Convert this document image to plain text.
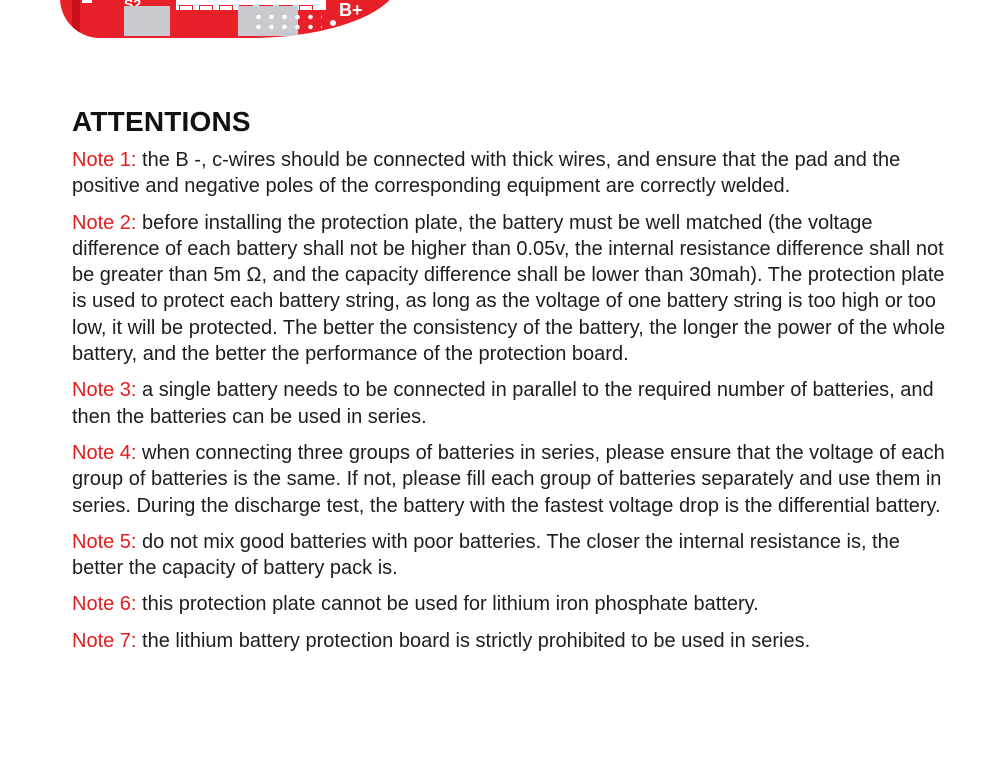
B+
ATTENTIONS

Note 1: the B -, c-wires should be connected with thick wires, and ensure that the pad and the positive and negative poles of the corresponding equipment are correctly welded.

Note 2: before installing the protection plate, the battery must be well matched (the voltage difference of each battery shall not be higher than 0.05v, the internal resistance difference shall not be greater than 5m Ω, and the capacity difference shall be lower than 30mah). The protection plate is used to protect each battery string, as long as the voltage of one battery string is too high or too low, it will be protected. The better the consistency of the battery, the longer the power of the whole battery, and the better the performance of the protection board.

Note 3: a single battery needs to be connected in parallel to the required number of batteries, and then the batteries can be used in series.

Note 4: when connecting three groups of batteries in series, please ensure that the voltage of each group of batteries is the same. If not, please fill each group of batteries separately and use them in series. During the discharge test, the battery with the fastest voltage drop is the differential battery.

Note 5: do not mix good batteries with poor batteries. The closer the internal resistance is, the better the capacity of battery pack is.

Note 6: this protection plate cannot be used for lithium iron phosphate battery.

Note 7: the lithium battery protection board is strictly prohibited to be used in series.
